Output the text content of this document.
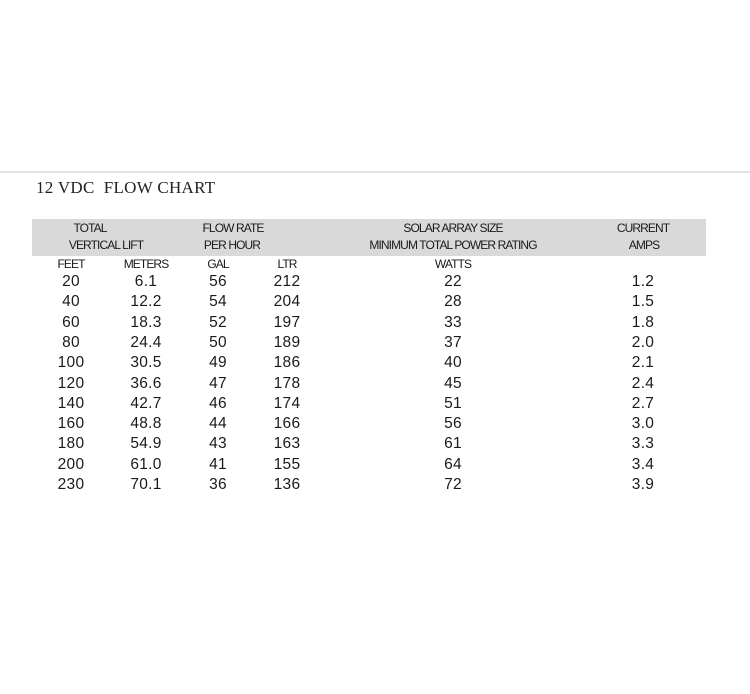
12 VDC  FLOW CHART
TOTAL
VERTICAL LIFT
FLOW RATE
PER HOUR
SOLAR ARRAY SIZE
MINIMUM TOTAL POWER RATING
CURRENT
AMPS
FEET	METERS	GAL	LTR	WATTS
20	6.1	56	212	22	1.2
40	12.2	54	204	28	1.5
60	18.3	52	197	33	1.8
80	24.4	50	189	37	2.0
100	30.5	49	186	40	2.1
120	36.6	47	178	45	2.4
140	42.7	46	174	51	2.7
160	48.8	44	166	56	3.0
180	54.9	43	163	61	3.3
200	61.0	41	155	64	3.4
230	70.1	36	136	72	3.9
